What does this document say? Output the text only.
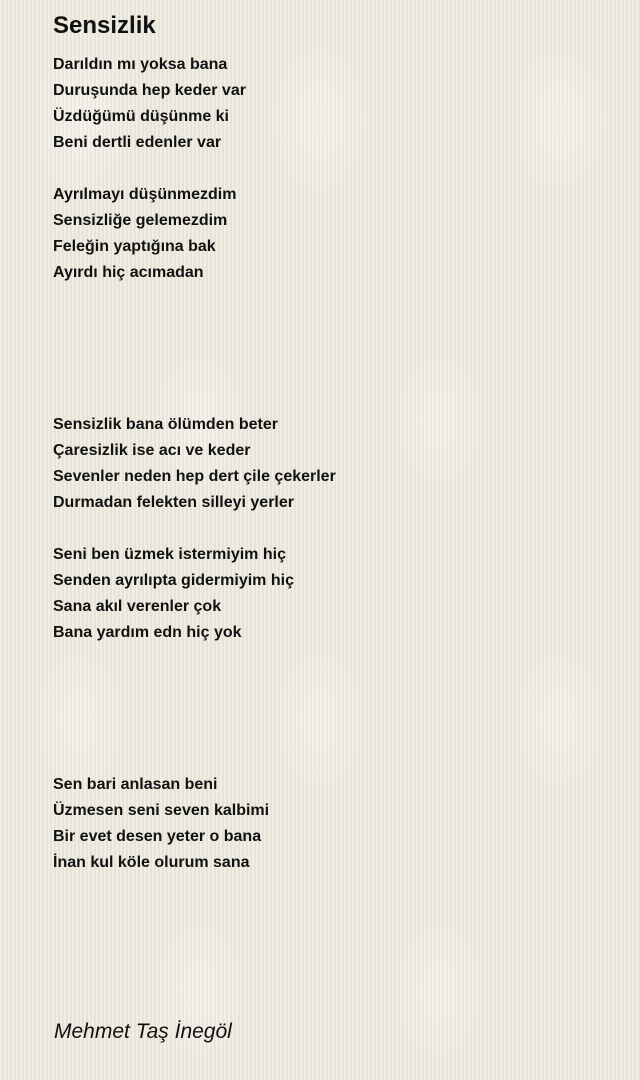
Sensizlik
Darıldın mı yoksa bana
Duruşunda hep keder var
Üzdüğümü düşünme ki
Beni dertli edenler var
Ayrılmayı düşünmezdim
Sensizliğe gelemezdim
Feleğin yaptığına bak
Ayırdı hiç acımadan
Sensizlik bana ölümden beter
Çaresizlik ise acı ve keder
Sevenler neden hep dert çile çekerler
Durmadan felekten silleyi yerler
Seni ben üzmek istermiyim hiç
Senden ayrılıpta gidermiyim hiç
Sana akıl verenler çok
Bana yardım edn hiç yok
Sen bari anlasan beni
Üzmesen seni seven kalbimi
Bir evet desen yeter o bana
İnan kul köle olurum sana
Mehmet Taş İnegöl
